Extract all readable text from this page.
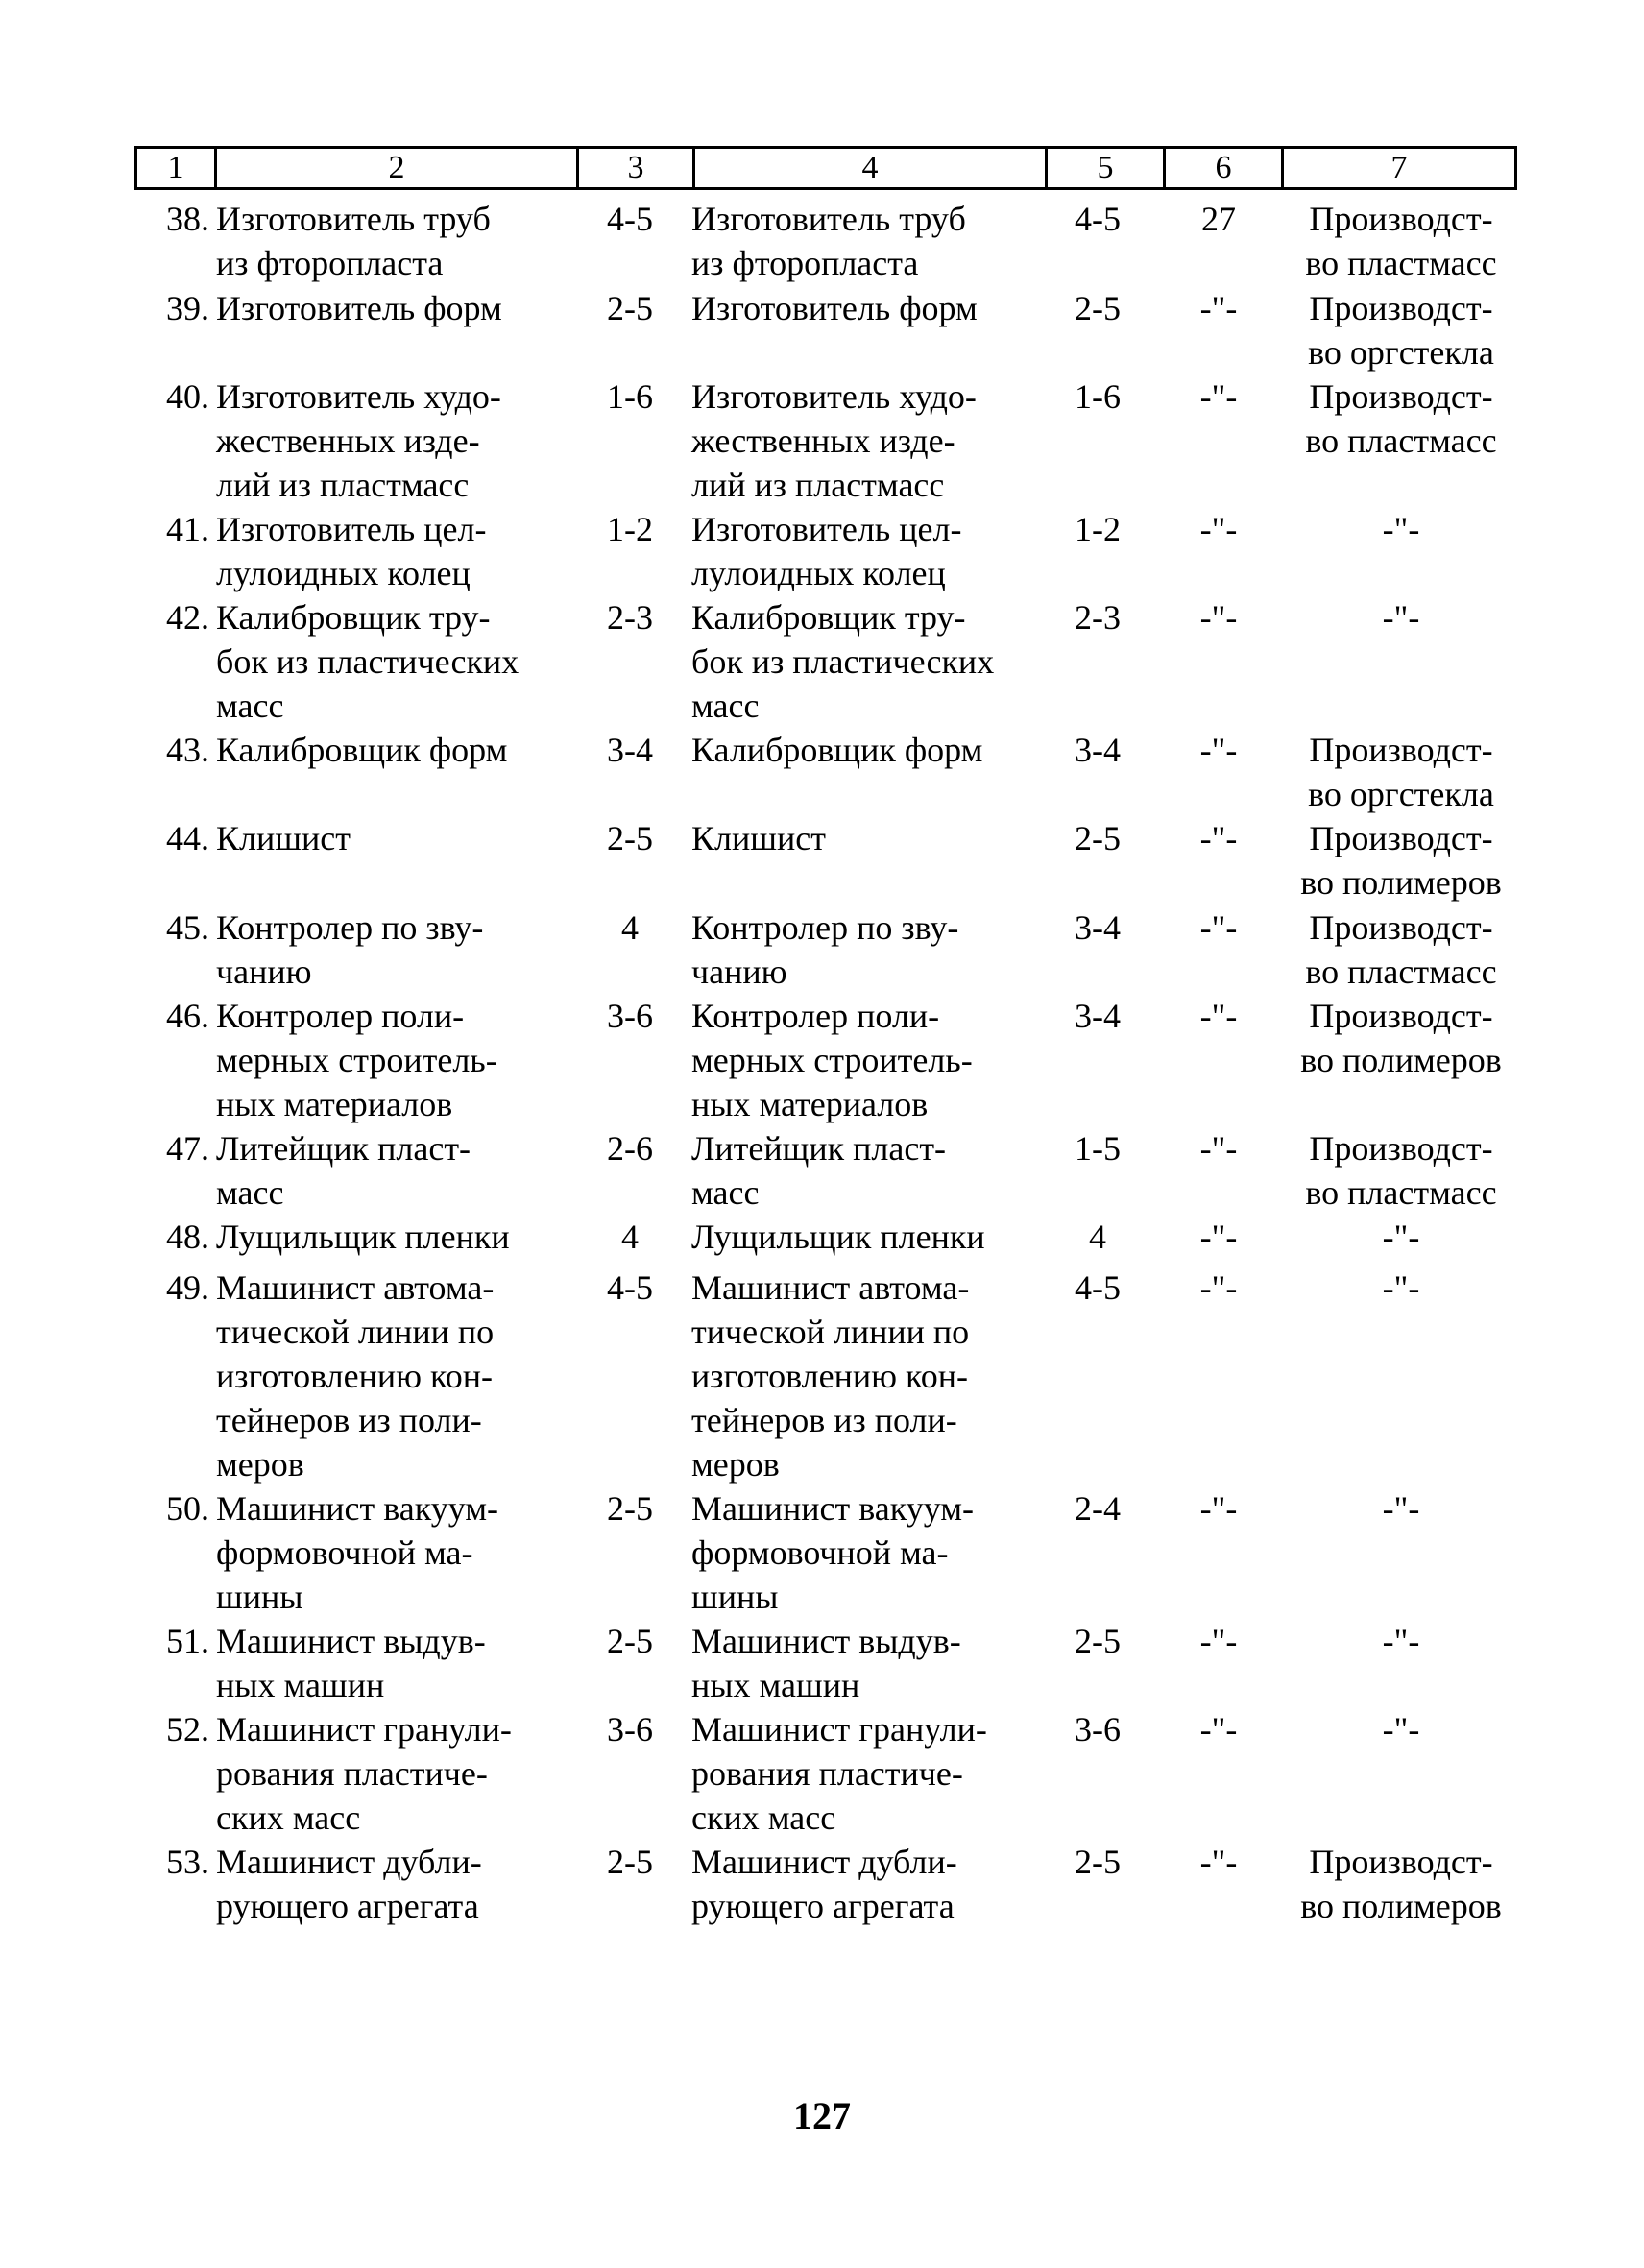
1	2	3	4	5	6	7
38. Изготовитель труб
из фторопласта
4-5	Изготовитель труб
из фторопласта
4-5	27	Производст-
во пластмасс
39. Изготовитель форм	2-5	Изготовитель форм	2-5	-"-	Производст-
во оргстекла
40. Изготовитель худо-
жественных изде-
лий из пластмасс
1-6	Изготовитель худо-
жественных изде-
лий из пластмасс
1-6	-"-	Производст-
во пластмасс
41. Изготовитель цел-
лулоидных колец
1-2	Изготовитель цел-
лулоидных колец
1-2	-"-	-"-
42. Калибровщик тру-
бок из пластических
масс
2-3	Калибровщик тру-
бок из пластических
масс
2-3	-"-	-"-
43. Калибровщик форм	3-4	Калибровщик форм	3-4	-"-	Производст-
во оргстекла
44. Клишист	2-5	Клишист	2-5	-"-	Производст-
во полимеров
45. Контролер по зву-
чанию
4	Контролер по зву-
чанию
3-4	-"-	Производст-
во пластмасс
46. Контролер поли-
мерных строитель-
ных материалов
3-6	Контролер поли-
мерных строитель-
ных материалов
3-4	-"-	Производст-
во полимеров
47. Литейщик пласт-
масс
2-6	Литейщик пласт-
масс
1-5	-"-	Производст-
во пластмасс
48. Лущильщик пленки	4	Лущильщик пленки	4	-"-	-"-
49. Машинист автома-
тической линии по
изготовлению кон-
тейнеров из поли-
меров
4-5	Машинист автома-
тической линии по
изготовлению кон-
тейнеров из поли-
меров
4-5	-"-	-"-
50. Машинист вакуум-
формовочной ма-
шины
2-5	Машинист вакуум-
формовочной ма-
шины
2-4	-"-	-"-
51. Машинист выдув-
ных машин
2-5	Машинист выдув-
ных машин
2-5	-"-	-"-
52. Машинист гранули-
рования пластиче-
ских масс
3-6	Машинист гранули-
рования пластиче-
ских масс
3-6	-"-	-"-
53. Машинист дубли-
рующего агрегата
2-5	Машинист дубли-
рующего агрегата
2-5	-"-	Производст-
во полимеров
127
